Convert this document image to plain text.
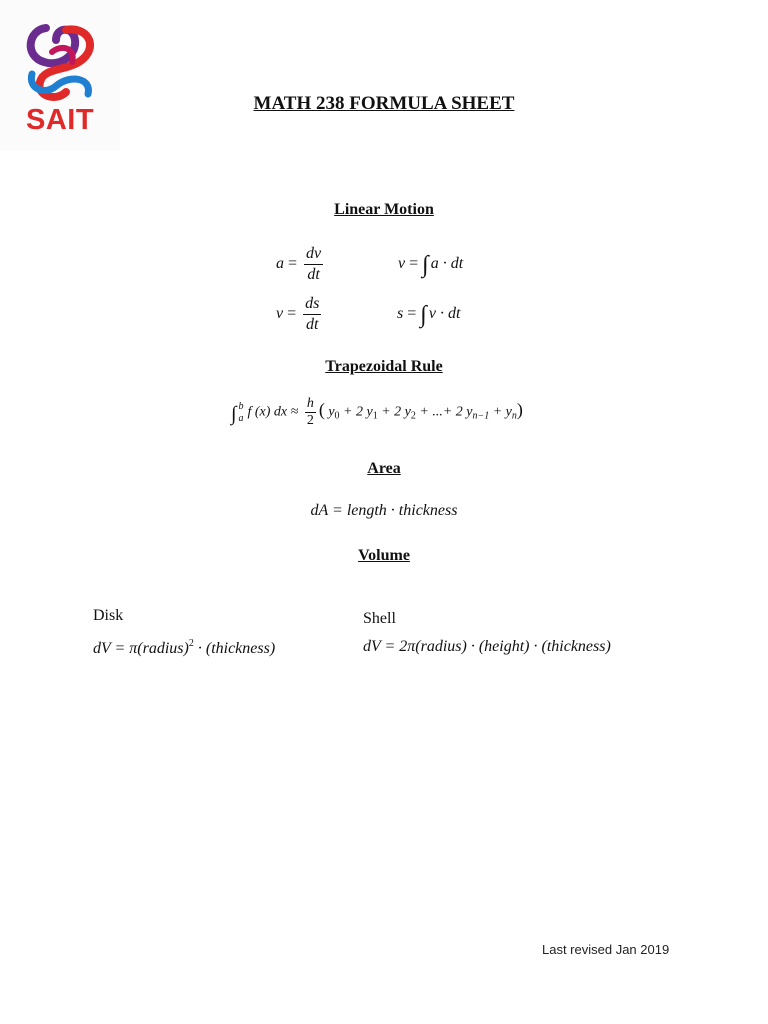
SAIT
MATH 238 FORMULA SHEET
Linear Motion
$a = \frac{dv}{dt}$	v = ∫ a · dt
$v = \frac{ds}{dt}$	s = ∫ v · dt
Trapezoidal Rule
∫ b
a f (x) dx ≈ $\frac{h}{2}$ ( $y_0 + 2$ $y_1 + 2$ $y_2$ + ...+ 2 $y_{n-1} + y_n$)
Area
dA = length · thickness
Volume
Disk
dV = π(radius)$^2$ · (thickness)
Shell
dV = 2π(radius) · (height) · (thickness)
Last revised Jan 2019
